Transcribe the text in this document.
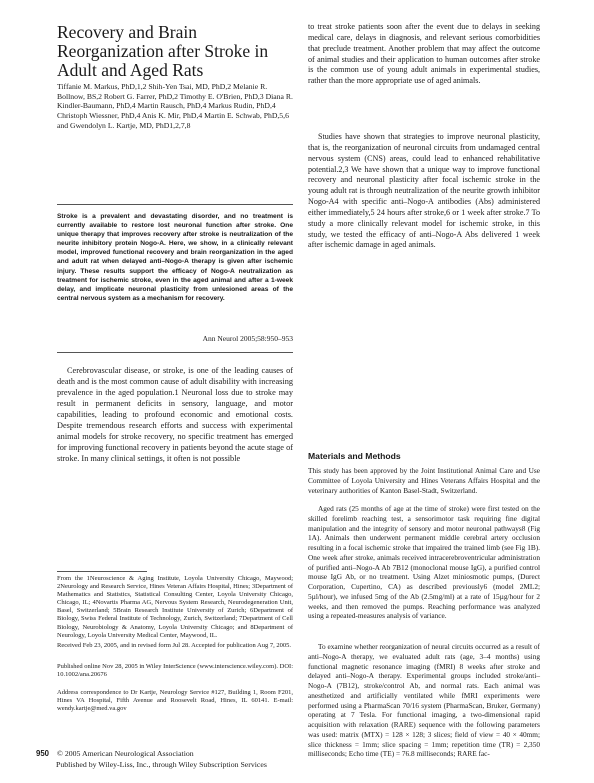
Recovery and Brain Reorganization after Stroke in Adult and Aged Rats
Tiffanie M. Markus, PhD,1,2 Shih-Yen Tsai, MD, PhD,2 Melanie R. Bollnow, BS,2 Robert G. Farrer, PhD,2 Timothy E. O'Brien, PhD,3 Diana R. Kindler-Baumann, PhD,4 Martin Rausch, PhD,4 Markus Rudin, PhD,4 Christoph Wiessner, PhD,4 Anis K. Mir, PhD,4 Martin E. Schwab, PhD,5,6 and Gwendolyn L. Kartje, MD, PhD1,2,7,8
Stroke is a prevalent and devastating disorder, and no treatment is currently available to restore lost neuronal function after stroke. One unique therapy that improves recovery after stroke is neutralization of the neurite inhibitory protein Nogo-A. Here, we show, in a clinically relevant model, improved functional recovery and brain reorganization in the aged and adult rat when delayed anti–Nogo-A therapy is given after ischemic injury. These results support the efficacy of Nogo-A neutralization as treatment for ischemic stroke, even in the aged animal and after a 1-week delay, and implicate neuronal plasticity from unlesioned areas of the central nervous system as a mechanism for recovery.
Ann Neurol 2005;58:950–953

Cerebrovascular disease, or stroke, is one of the leading causes of death and is the most common cause of adult disability with increasing prevalence in the aged population.1 Neuronal loss due to stroke may result in permanent deficits in sensory, language, and motor capabilities, leading to profound economic and emotional costs. Despite tremendous research efforts and success with experimental animal models for stroke recovery, no specific treatment has emerged for improving functional recovery in patients beyond the acute stage of stroke. In many clinical settings, it often is not possible

From the 1Neuroscience & Aging Institute, Loyola University Chicago, Maywood; 2Neurology and Research Service, Hines Veteran Affairs Hospital, Hines; 3Department of Mathematics and Statistics, Statistical Consulting Center, Loyola University Chicago, Chicago, IL; 4Novartis Pharma AG, Nervous System Research, Neurodegeneration Unit, Basel, Switzerland; 5Brain Research Institute University of Zurich; 6Department of Biology, Swiss Federal Institute of Technology, Zurich, Switzerland; 7Department of Cell Biology, Neurobiology & Anatomy, Loyola University Chicago; and 8Department of Neurology, Loyola University Medical Center, Maywood, IL.

Received Feb 23, 2005, and in revised form Jul 28. Accepted for publication Aug 7, 2005.

Published online Nov 28, 2005 in Wiley InterScience (www.interscience.wiley.com). DOI: 10.1002/ana.20676

Address correspondence to Dr Kartje, Neurology Service #127, Building 1, Room F201, Hines VA Hospital, Fifth Avenue and Roosevelt Road, Hines, IL 60141. E-mail: wendy.kartje@med.va.gov

to treat stroke patients soon after the event due to delays in seeking medical care, delays in diagnosis, and relevant serious comorbidities that preclude treatment. Another problem that may affect the outcome of animal studies and their application to human outcomes after stroke is the common use of young adult animals in experimental studies, rather than the more appropriate use of aged animals.

Studies have shown that strategies to improve neuronal plasticity, that is, the reorganization of neuronal circuits from undamaged central nervous system (CNS) areas, could lead to enhanced rehabilitative potential.2,3 We have shown that a unique way to improve functional recovery and neuronal plasticity after focal ischemic stroke in the young adult rat is through neutralization of the neurite growth inhibitor Nogo-A4 with specific anti–Nogo-A antibodies (Abs) administered either immediately,5 24 hours after stroke,6 or 1 week after stroke.7 To study a more clinically relevant model for ischemic stroke, in this study, we tested the efficacy of anti–Nogo-A Abs delivered 1 week after ischemic damage in aged animals.

Materials and Methods

This study has been approved by the Joint Institutional Animal Care and Use Committee of Loyola University and Hines Veterans Affairs Hospital and the veterinary authorities of Kanton Basel-Stadt, Switzerland.

Aged rats (25 months of age at the time of stroke) were first tested on the skilled forelimb reaching test, a sensorimotor task requiring fine digital manipulation and the integrity of sensory and motor neuronal pathways8 (Fig 1A). Animals then underwent permanent middle cerebral artery occlusion resulting in a focal ischemic stroke that impaired the trained limb (see Fig 1B). One week after stroke, animals received intracerebroventricular administration of purified anti–Nogo-A Ab 7B12 (monoclonal mouse IgG), a purified control mouse IgG Ab, or no treatment. Using Alzet miniosmotic pumps, (Durect Corporation, Cupertino, CA) as described previously6 (model 2ML2; 5µl/hour), we infused 5mg of the Ab (2.5mg/ml) at a rate of 15µg/hour for 2 weeks, and then removed the pumps. Reaching performance was analyzed using a repeated-measures analysis of variance.

To examine whether reorganization of neural circuits occurred as a result of anti–Nogo-A therapy, we evaluated adult rats (age, 3–4 months) using functional magnetic resonance imaging (fMRI) 8 weeks after stroke and delayed anti–Nogo-A therapy. Experimental groups included stroke/anti–Nogo-A (7B12), stroke/control Ab, and normal rats. Each animal was anesthetized and artificially ventilated while fMRI experiments were performed using a PharmaScan 70/16 system (PharmaScan, Bruker, Germany) operating at 7 Tesla. For functional imaging, a two-dimensional rapid acquisition with relaxation (RARE) sequence with the following parameters was used: matrix (MTX) = 128 × 128; 3 slices; field of view = 40 × 40mm; slice thickness = 1mm; slice spacing = 1mm; repetition time (TR) = 2,350 milliseconds; Echo time (TE) = 76.8 milliseconds; RARE fac-

950 © 2005 American Neurological Association
Published by Wiley-Liss, Inc., through Wiley Subscription Services
